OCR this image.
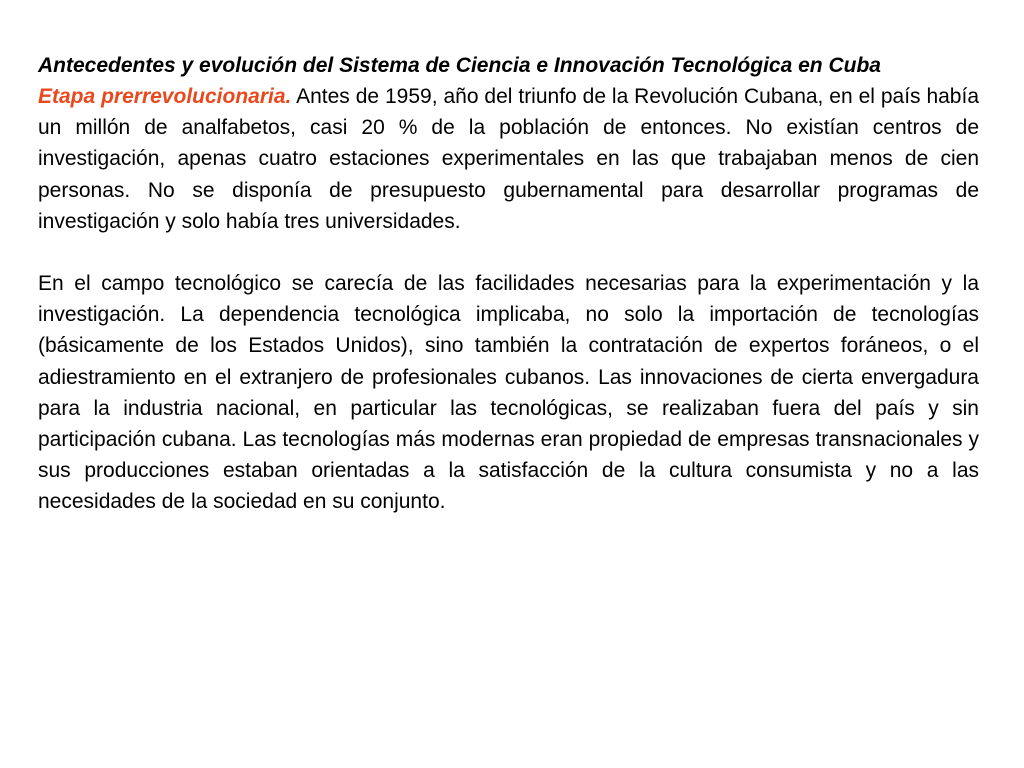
Antecedentes y evolución del Sistema de Ciencia e Innovación Tecnológica en Cuba

Etapa prerrevolucionaria. Antes de 1959, año del triunfo de la Revolución Cubana, en el país había un millón de analfabetos, casi 20 % de la población de entonces. No existían centros de investigación, apenas cuatro estaciones experimentales en las que trabajaban menos de cien personas. No se disponía de presupuesto gubernamental para desarrollar programas de investigación y solo había tres universidades.

En el campo tecnológico se carecía de las facilidades necesarias para la experimentación y la investigación. La dependencia tecnológica implicaba, no solo la importación de tecnologías (básicamente de los Estados Unidos), sino también la contratación de expertos foráneos, o el adiestramiento en el extranjero de profesionales cubanos. Las innovaciones de cierta envergadura para la industria nacional, en particular las tecnológicas, se realizaban fuera del país y sin participación cubana. Las tecnologías más modernas eran propiedad de empresas transnacionales y sus producciones estaban orientadas a la satisfacción de la cultura consumista y no a las necesidades de la sociedad en su conjunto.
